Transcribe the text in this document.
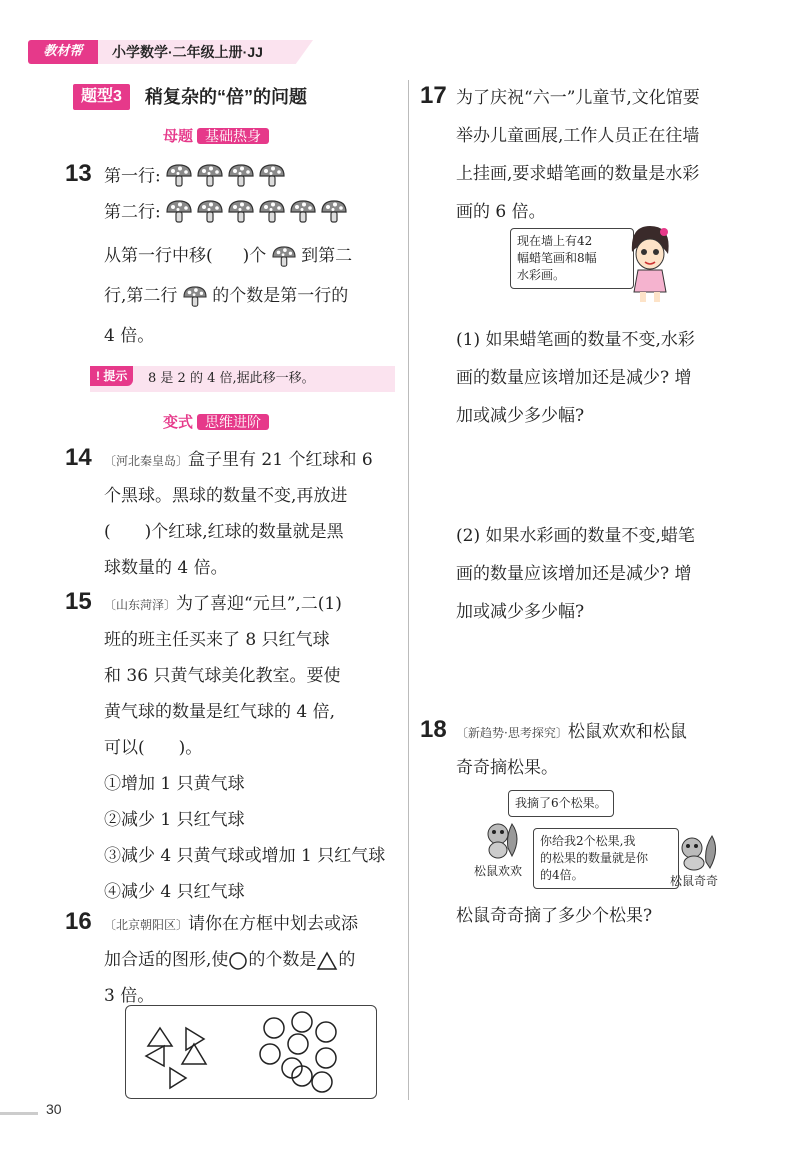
教材帮	小学数学·二年级上册·JJ
题型3	稍复杂的“倍”的问题
母题 基础热身
13 第一行:
第二行:
从第一行中移( )个 到第二
行,第二行 的个数是第一行的
4 倍。
! 提示	8 是 2 的 4 倍,据此移一移。
变式 思维进阶
14 〔河北秦皇岛〕盒子里有 21 个红球和 6
个黑球。黑球的数量不变,再放进
(　　)个红球,红球的数量就是黑
球数量的 4 倍。
15 〔山东菏泽〕为了喜迎“元旦”,二(1)
班的班主任买来了 8 只红气球
和 36 只黄气球美化教室。要使
黄气球的数量是红气球的 4 倍,
可以(　　)。
①增加 1 只黄气球
②减少 1 只红气球
③减少 4 只黄气球或增加 1 只红气球
④减少 4 只红气球
16 〔北京朝阳区〕请你在方框中划去或添
加合适的图形,使 的个数是 的
3 倍。
17 为了庆祝“六一”儿童节,文化馆要
举办儿童画展,工作人员正在往墙
上挂画,要求蜡笔画的数量是水彩
画的 6 倍。
现在墙上有42
幅蜡笔画和8幅
水彩画。
(1) 如果蜡笔画的数量不变,水彩
画的数量应该增加还是减少? 增
加或减少多少幅?
(2) 如果水彩画的数量不变,蜡笔
画的数量应该增加还是减少? 增
加或减少多少幅?
18 〔新趋势·思考探究〕松鼠欢欢和松鼠
奇奇摘松果。
我摘了6个松果。
你给我2个松果,我
的松果的数量就是你
的4倍。
松鼠欢欢
松鼠奇奇
松鼠奇奇摘了多少个松果?
30
